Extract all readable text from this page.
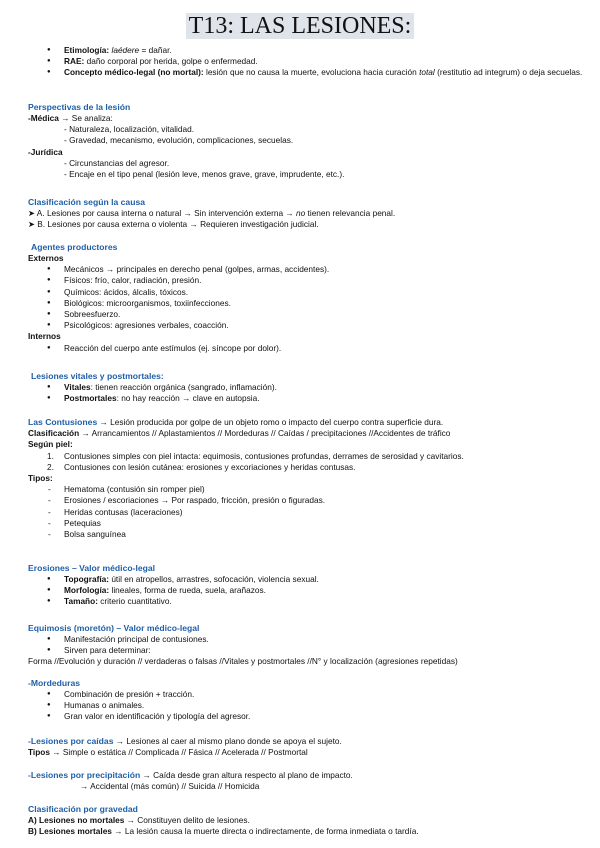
T13: LAS LESIONES:
● Etimología: laédere = dañar.
● RAE: daño corporal por herida, golpe o enfermedad.
● Concepto médico-legal (no mortal): lesión que no causa la muerte, evoluciona hacia curación total (restitutio ad integrum) o deja secuelas.
Perspectivas de la lesión
-Médica → Se analiza:
- Naturaleza, localización, vitalidad.
- Gravedad, mecanismo, evolución, complicaciones, secuelas.
-Jurídica
- Circunstancias del agresor.
- Encaje en el tipo penal (lesión leve, menos grave, grave, imprudente, etc.).
Clasificación según la causa
➤ A. Lesiones por causa interna o natural → Sin intervención externa → no tienen relevancia penal.
➤ B. Lesiones por causa externa o violenta → Requieren investigación judicial.
Agentes productores
Externos
● Mecánicos → principales en derecho penal (golpes, armas, accidentes).
● Físicos: frío, calor, radiación, presión.
● Químicos: ácidos, álcalis, tóxicos.
● Biológicos: microorganismos, toxiinfecciones.
● Sobreesfuerzo.
● Psicológicos: agresiones verbales, coacción.
Internos
● Reacción del cuerpo ante estímulos (ej. síncope por dolor).
Lesiones vitales y postmortales:
● Vitales: tienen reacción orgánica (sangrado, inflamación).
● Postmortales: no hay reacción → clave en autopsia.
Las Contusiones → Lesión producida por golpe de un objeto romo o impacto del cuerpo contra superficie dura.
Clasificación → Arrancamientos // Aplastamientos // Mordeduras // Caídas / precipitaciones //Accidentes de tráfico
Según piel:
1. Contusiones simples con piel intacta: equimosis, contusiones profundas, derrames de serosidad y cavitarios.
2. Contusiones con lesión cutánea: erosiones y excoriaciones y heridas contusas.
Tipos:
- Hematoma (contusión sin romper piel)
- Erosiones / escoriaciones → Por raspado, fricción, presión o figuradas.
- Heridas contusas (laceraciones)
- Petequias
- Bolsa sanguínea
Erosiones – Valor médico-legal
● Topografía: útil en atropellos, arrastres, sofocación, violencia sexual.
● Morfología: lineales, forma de rueda, suela, arañazos.
● Tamaño: criterio cuantitativo.
Equimosis (moretón) – Valor médico-legal
● Manifestación principal de contusiones.
● Sirven para determinar:
Forma //Evolución y duración // verdaderas o falsas //Vitales y postmortales //N° y localización (agresiones repetidas)
-Mordeduras
● Combinación de presión + tracción.
● Humanas o animales.
● Gran valor en identificación y tipología del agresor.
-Lesiones por caídas → Lesiones al caer al mismo plano donde se apoya el sujeto.
Tipos → Simple o estática // Complicada // Fásica // Acelerada // Postmortal
-Lesiones por precipitación → Caída desde gran altura respecto al plano de impacto.
→ Accidental (más común) // Suicida // Homicida
Clasificación por gravedad
A) Lesiones no mortales → Constituyen delito de lesiones.
B) Lesiones mortales → La lesión causa la muerte directa o indirectamente, de forma inmediata o tardía.
